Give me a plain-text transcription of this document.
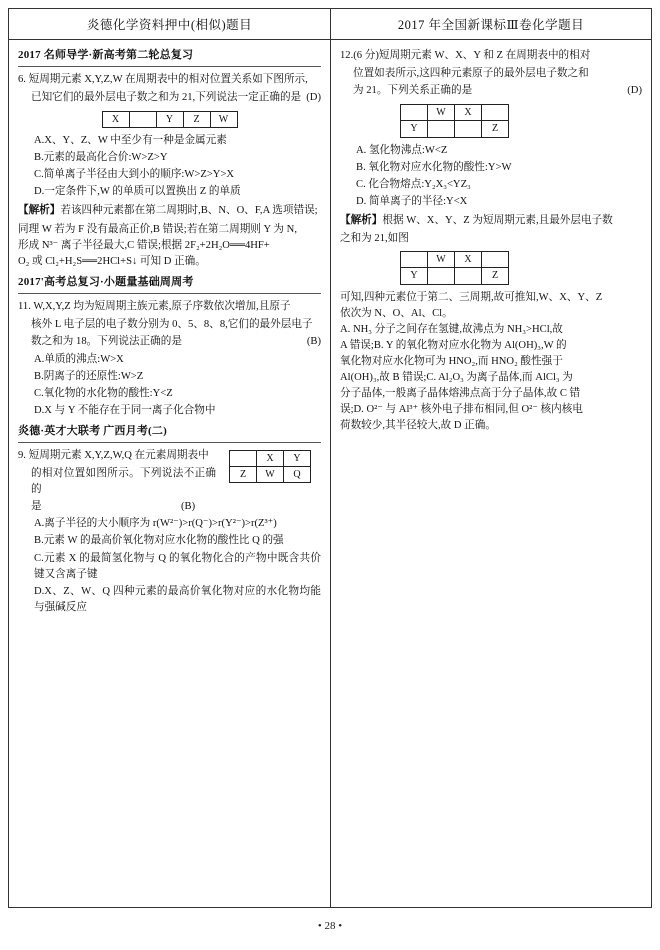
炎德化学资料押中(相似)题目	2017 年全国新课标Ⅲ卷化学题目
2017 名师导学·新高考第二轮总复习
6. 短周期元素 X,Y,Z,W 在周期表中的相对位置关系如下图所示,
(D)
已知它们的最外层电子数之和为 21,下列说法一定正确的是
X		Y	Z	W
A.X、Y、Z、W 中至少有一种是金属元素
B.元素的最高化合价:W>Z>Y
C.简单离子半径由大到小的顺序:W>Z>Y>X
D.一定条件下,W 的单质可以置换出 Z 的单质
【解析】若该四种元素都在第二周期时,B、N、O、F,A 选项错误;
同理 W 若为 F 没有最高正价,B 错误;若在第二周期则 Y 为 N,
形成 N³⁻ 离子半径最大,C 错误;根据 2F₂+2H₂O══4HF+
O₂ 或 Cl₂+H₂S══2HCl+S↓ 可知 D 正确。
2017'高考总复习·小题量基础周周考
11. W,X,Y,Z 均为短周期主族元素,原子序数依次增加,且原子
核外 L 电子层的电子数分别为 0、5、8、8,它们的最外层电子
(B)
数之和为 18。下列说法正确的是
A.单质的沸点:W>X
B.阴离子的还原性:W>Z
C.氧化物的水化物的酸性:Y<Z
D.X 与 Y 不能存在于同一离子化合物中
炎德·英才大联考 广西月考(二)
	X	Y
Z	W	Q
9. 短周期元素 X,Y,Z,W,Q 在元素周期表中
的相对位置如图所示。下列说法不正确的
是	(B)
A.离子半径的大小顺序为 r(W²⁻)>r(Q⁻)>r(Y²⁻)>r(Z³⁺)
B.元素 W 的最高价氧化物对应水化物的酸性比 Q 的强
C.元素 X 的最简氢化物与 Q 的氧化物化合的产物中既含共价键又含离子键
D.X、Z、W、Q 四种元素的最高价氧化物对应的水化物均能与强碱反应
12.(6 分)短周期元素 W、X、Y 和 Z 在周期表中的相对
位置如表所示,这四种元素原子的最外层电子数之和
(D)
为 21。下列关系正确的是
	W	X	
Y			Z
A. 氢化物沸点:W<Z
B. 氧化物对应水化物的酸性:Y>W
C. 化合物熔点:Y₂X₃<YZ₃
D. 简单离子的半径:Y<X
【解析】根据 W、X、Y、Z 为短周期元素,且最外层电子数
之和为 21,如图
	W	X	
Y			Z
可知,四种元素位于第二、三周期,故可推知,W、X、Y、Z
依次为 N、O、Al、Cl。
A. NH₃ 分子之间存在氢键,故沸点为 NH₃>HCl,故
A 错误;B. Y 的氧化物对应水化物为 Al(OH)₃,W 的
氧化物对应水化物可为 HNO₂,而 HNO₂ 酸性强于
Al(OH)₃,故 B 错误;C. Al₂O₃ 为离子晶体,而 AlCl₃ 为
分子晶体,一般离子晶体熔沸点高于分子晶体,故 C 错
误;D. O²⁻ 与 Al³⁺ 核外电子排布相同,但 O²⁻ 核内核电
荷数较少,其半径较大,故 D 正确。
• 28 •
